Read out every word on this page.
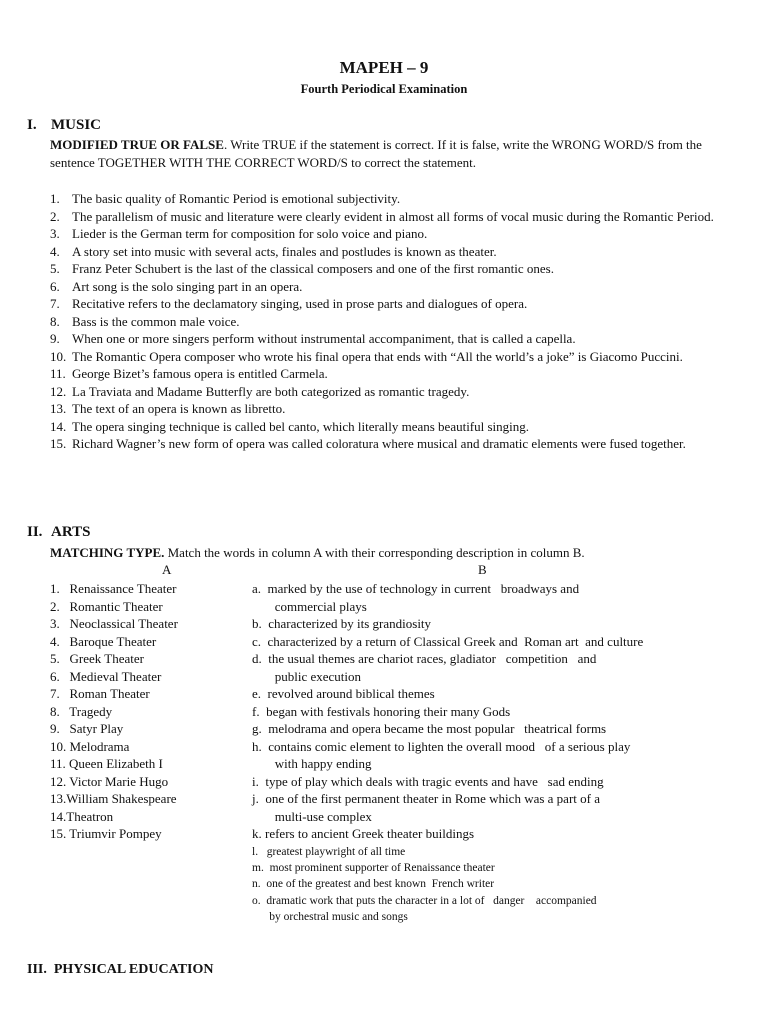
MAPEH – 9
Fourth Periodical Examination
I. MUSIC
MODIFIED TRUE OR FALSE. Write TRUE if the statement is correct. If it is false, write the WRONG WORD/S from the sentence TOGETHER WITH THE CORRECT WORD/S to correct the statement.
1. The basic quality of Romantic Period is emotional subjectivity.
2. The parallelism of music and literature were clearly evident in almost all forms of vocal music during the Romantic Period.
3. Lieder is the German term for composition for solo voice and piano.
4. A story set into music with several acts, finales and postludes is known as theater.
5. Franz Peter Schubert is the last of the classical composers and one of the first romantic ones.
6. Art song is the solo singing part in an opera.
7. Recitative refers to the declamatory singing, used in prose parts and dialogues of opera.
8. Bass is the common male voice.
9. When one or more singers perform without instrumental accompaniment, that is called a capella.
10. The Romantic Opera composer who wrote his final opera that ends with “All the world’s a joke” is Giacomo Puccini.
11. George Bizet’s famous opera is entitled Carmela.
12. La Traviata and Madame Butterfly are both categorized as romantic tragedy.
13. The text of an opera is known as libretto.
14. The opera singing technique is called bel canto, which literally means beautiful singing.
15. Richard Wagner’s new form of opera was called coloratura where musical and dramatic elements were fused together.
II. ARTS
MATCHING TYPE. Match the words in column A with their corresponding description in column B.
A	B
1.   Renaissance Theater
2.   Romantic Theater
3.   Neoclassical Theater
4.   Baroque Theater
5.   Greek Theater
6.   Medieval Theater
7.   Roman Theater
8.   Tragedy
9.   Satyr Play
10. Melodrama
11. Queen Elizabeth I
12. Victor Marie Hugo
13.William Shakespeare
14.Theatron
15. Triumvir Pompey
a.  marked by the use of technology in current   broadways and
commercial plays
b.  characterized by its grandiosity
c.  characterized by a return of Classical Greek and  Roman art  and culture
d.  the usual themes are chariot races, gladiator   competition   and
public execution
e.  revolved around biblical themes
f.  began with festivals honoring their many Gods
g.  melodrama and opera became the most popular   theatrical forms
h.  contains comic element to lighten the overall mood   of a serious play
with happy ending
i.  type of play which deals with tragic events and have   sad ending
j.  one of the first permanent theater in Rome which was a part of a
multi-use complex
k. refers to ancient Greek theater buildings
l.   greatest playwright of all time
m.  most prominent supporter of Renaissance theater
n.  one of the greatest and best known  French writer
o.  dramatic work that puts the character in a lot of   danger    accompanied
by orchestral music and songs
III. PHYSICAL EDUCATION
